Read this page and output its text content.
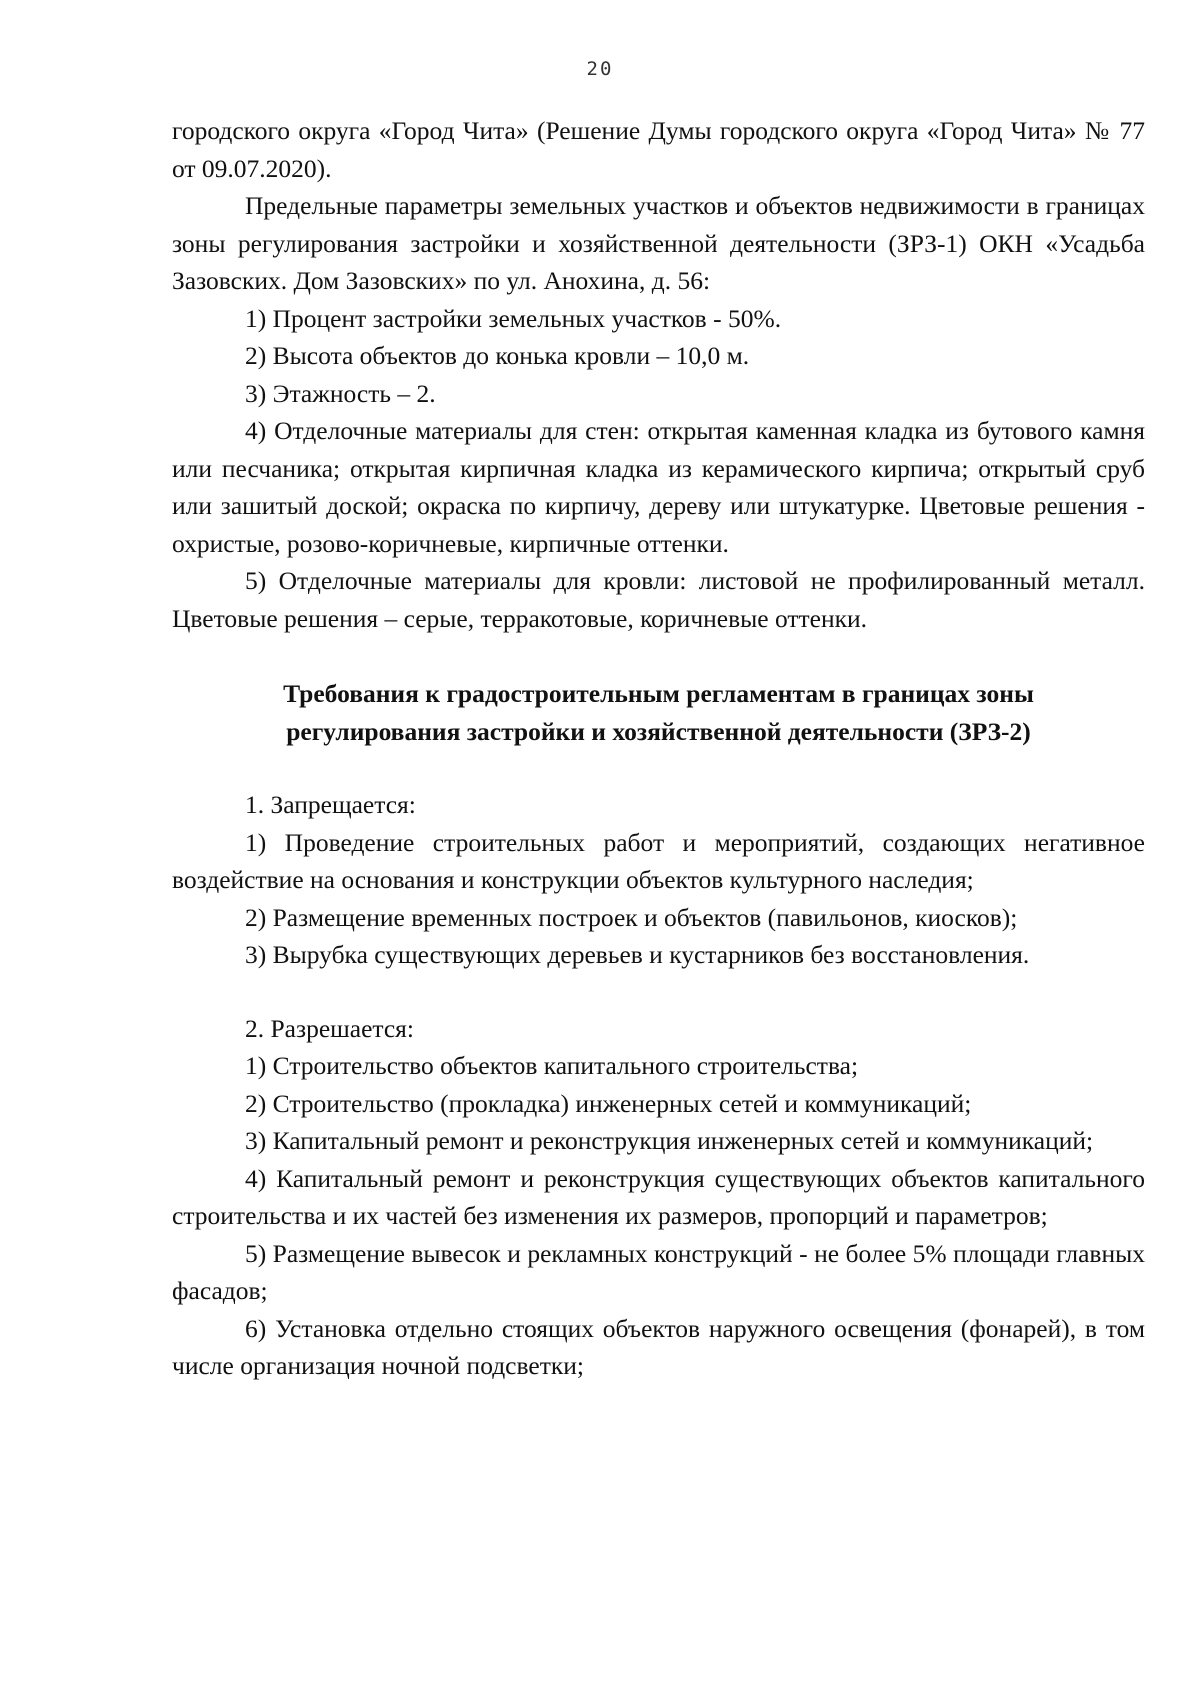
20

городского округа «Город Чита» (Решение Думы городского округа «Город Чита» № 77 от 09.07.2020).

Предельные параметры земельных участков и объектов недвижимости в границах зоны регулирования застройки и хозяйственной деятельности (ЗРЗ-1) ОКН «Усадьба Зазовских. Дом Зазовских» по ул. Анохина, д. 56:

1) Процент застройки земельных участков - 50%.

2) Высота объектов до конька кровли – 10,0 м.

3) Этажность – 2.

4) Отделочные материалы для стен: открытая каменная кладка из бутового камня или песчаника; открытая кирпичная кладка из керамического кирпича; открытый сруб или зашитый доской; окраска по кирпичу, дереву или штукатурке. Цветовые решения - охристые, розово-коричневые, кирпичные оттенки.

5) Отделочные материалы для кровли: листовой не профилированный металл. Цветовые решения – серые, терракотовые, коричневые оттенки.

Требования к градостроительным регламентам в границах зоны
регулирования застройки и хозяйственной деятельности (ЗРЗ-2)

1. Запрещается:

1) Проведение строительных работ и мероприятий, создающих негативное воздействие на основания и конструкции объектов культурного наследия;

2) Размещение временных построек и объектов (павильонов, киосков);

3) Вырубка существующих деревьев и кустарников без восстановления.

2. Разрешается:

1) Строительство объектов капитального строительства;

2) Строительство (прокладка) инженерных сетей и коммуникаций;

3) Капитальный ремонт и реконструкция инженерных сетей и коммуникаций;

4) Капитальный ремонт и реконструкция существующих объектов капитального строительства и их частей без изменения их размеров, пропорций и параметров;

5) Размещение вывесок и рекламных конструкций - не более 5% площади главных фасадов;

6) Установка отдельно стоящих объектов наружного освещения (фонарей), в том числе организация ночной подсветки;
